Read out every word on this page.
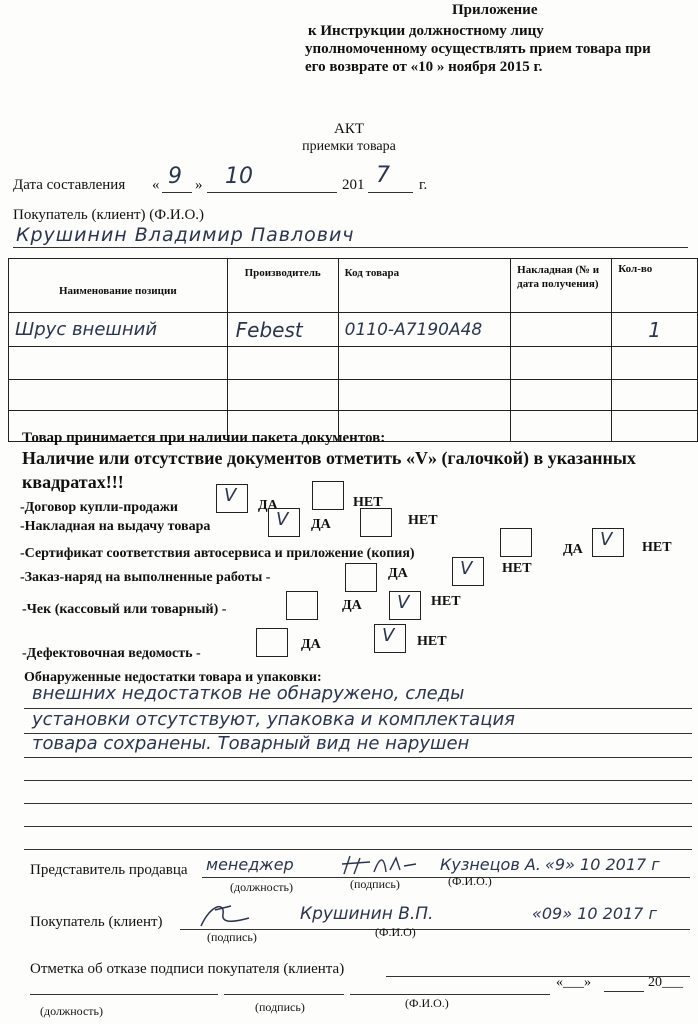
Приложение
к Инструкции должностному лицу
уполномоченному осуществлять прием товара при
его возврате от «10 » ноября 2015 г.
АКТ
приемки товара
Дата составления « 9 » 10	201 7 г.
Покупатель (клиент) (Ф.И.О.)
Крушинин Владимир Павлович
Наименование позиции	Производитель	Код товара	Накладная (№ и дата получения)	Кол-во
Шрус внешний	Febest	0110-A7190A48		1

Товар принимается при наличии пакета документов:
Наличие или отсутствие документов отметить «V» (галочкой) в указанных квадратах!!!
-Договор купли-продажи
V ДА	НЕТ
-Накладная на выдачу товара	V ДА	НЕТ
-Сертификат соответствия автосервиса и приложение (копия)	ДА V НЕТ
-Заказ-наряд на выполненные работы -	ДА	V НЕТ
-Чек (кассовый или товарный) -	ДА V НЕТ
-Дефектовочная ведомость -
ДА	V НЕТ
Обнаруженные недостатки товара и упаковки:
внешних недостатков не обнаружено, следы
установки отсутствуют, упаковка и комплектация
товара сохранены. Товарный вид не нарушен
Представитель продавца менеджер	Кузнецов А. «9» 10 2017 г
(должность)	(подпись)	(Ф.И.О.)
Покупатель (клиент)	Крушинин В.П.	«09» 10 2017 г
(подпись)	(Ф.И.О)
Отметка об отказе подписи покупателя (клиента)
«___»	20___
(должность)	(подпись)	(Ф.И.О.)
